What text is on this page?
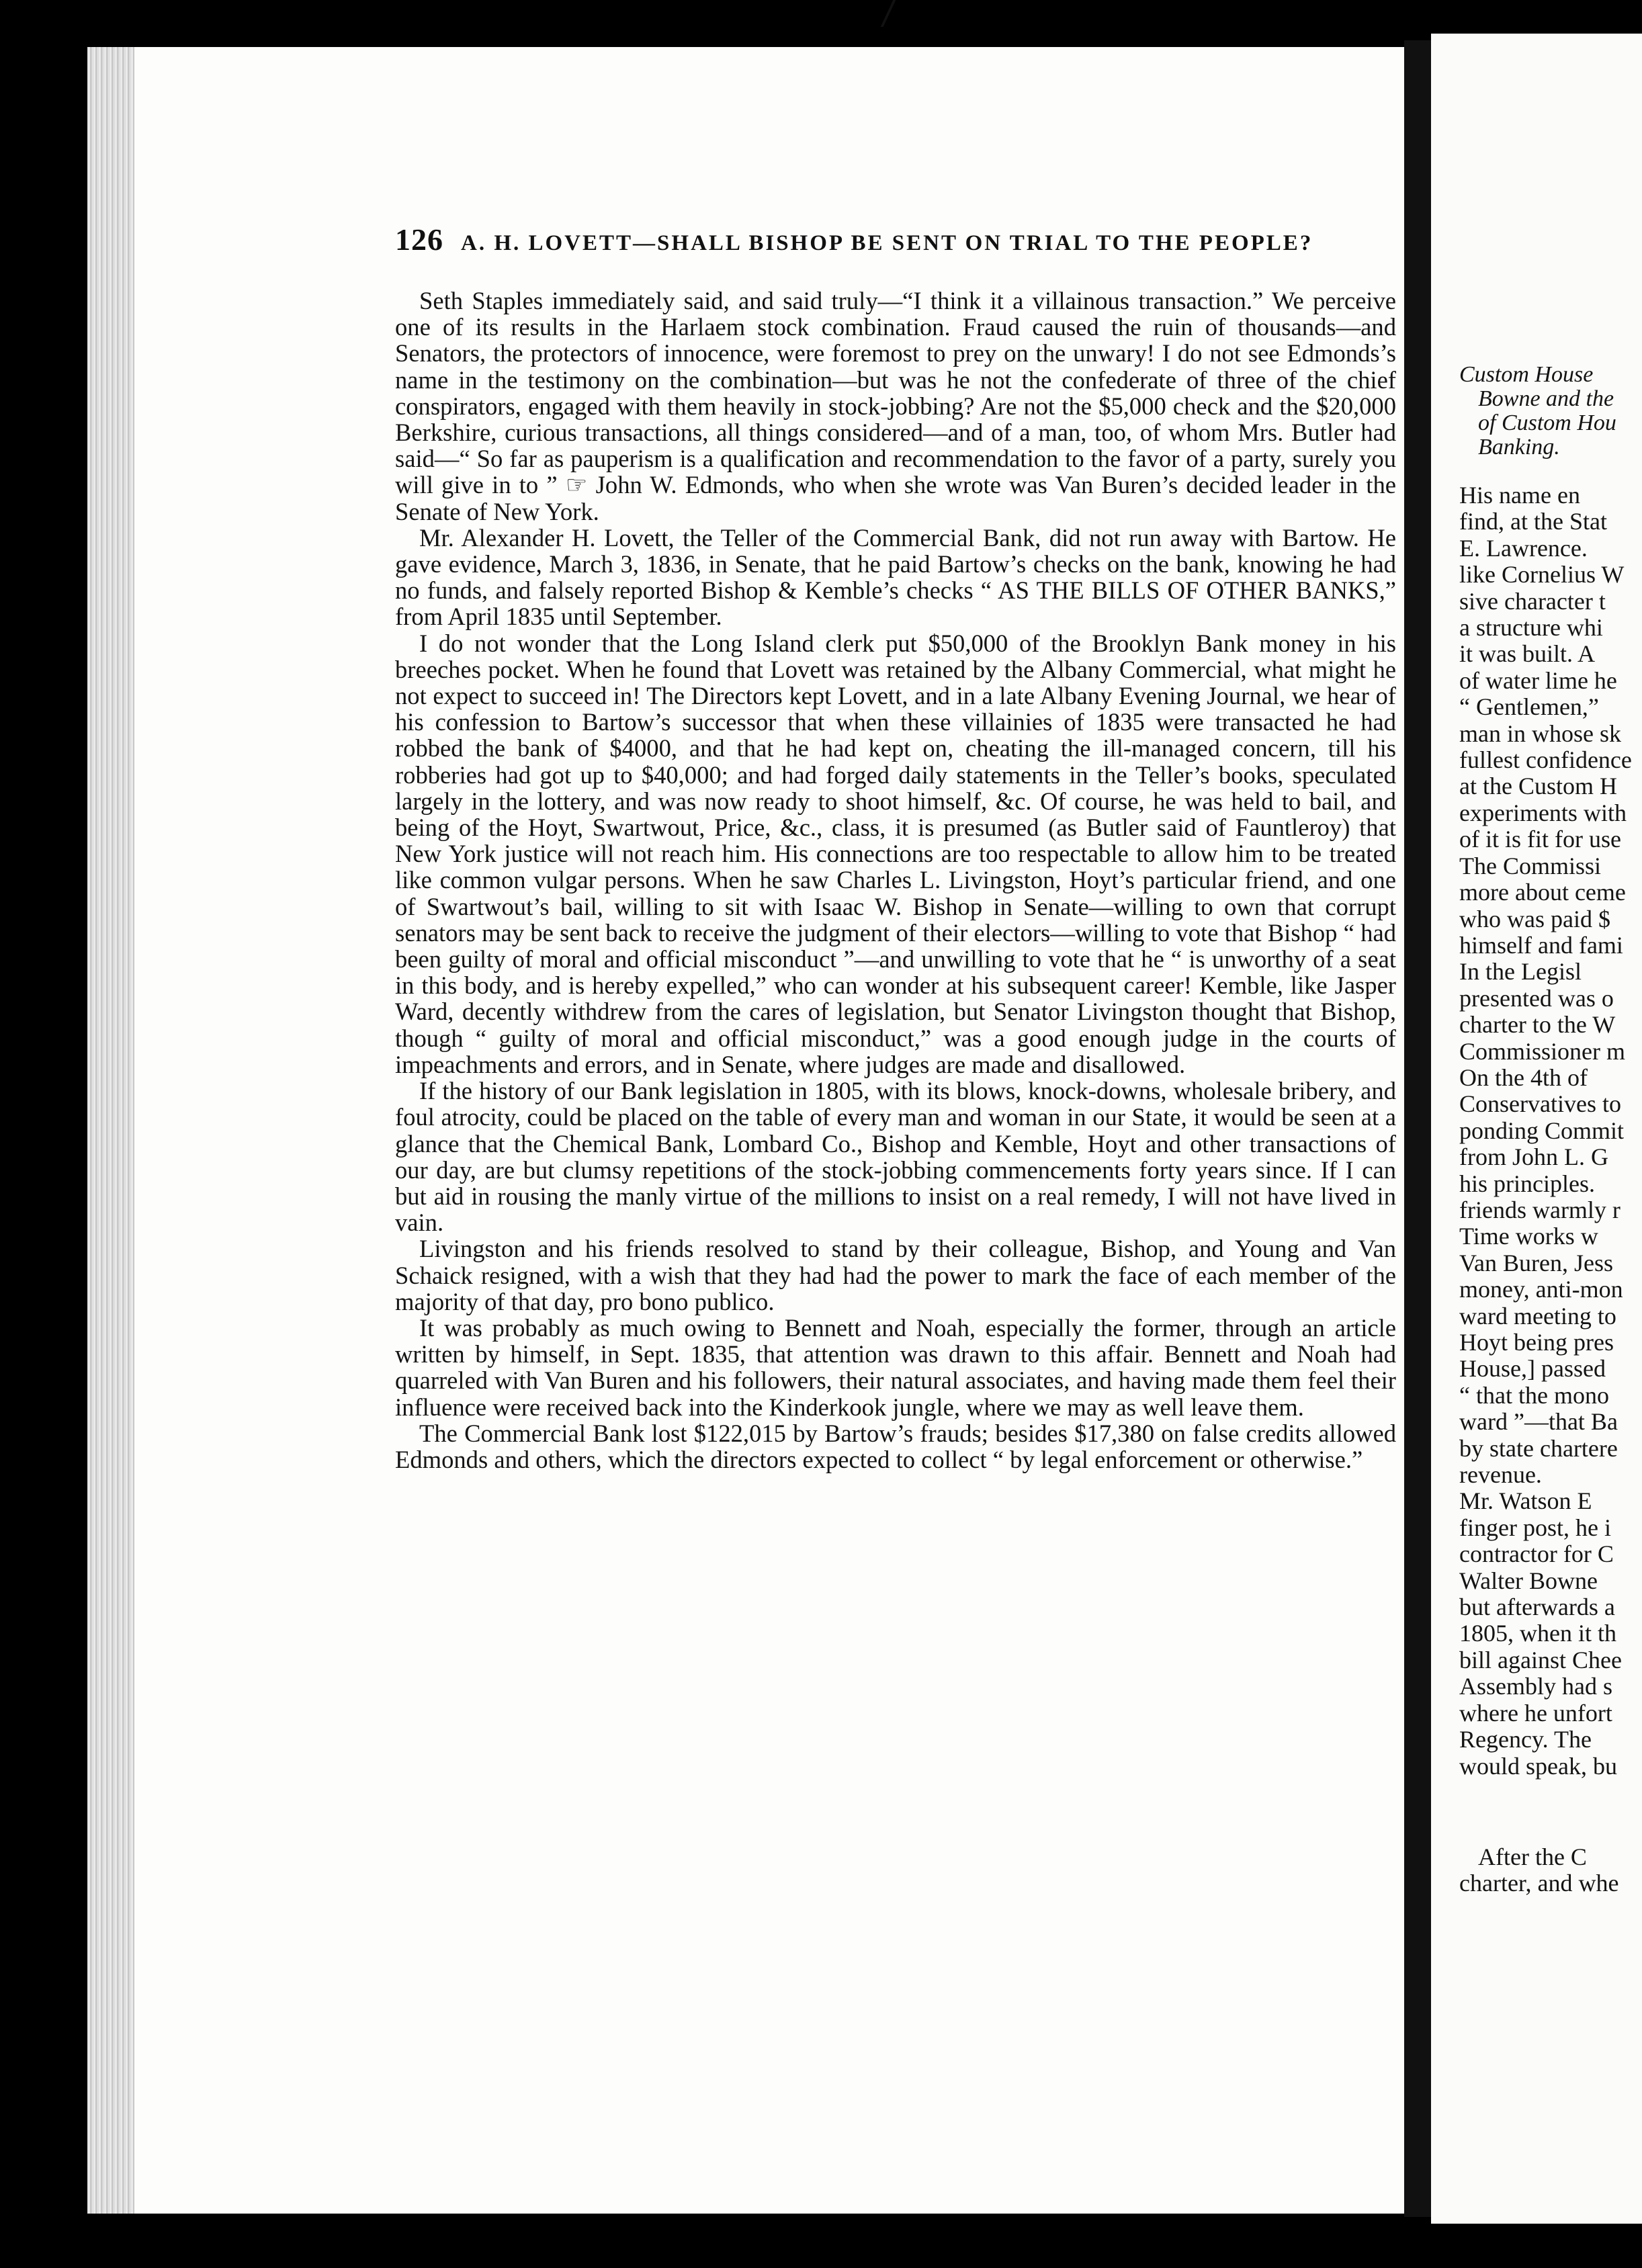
126 A. H. LOVETT—SHALL BISHOP BE SENT ON TRIAL TO THE PEOPLE?

Seth Staples immediately said, and said truly—“I think it a villainous transaction.” We perceive one of its results in the Harlaem stock combination. Fraud caused the ruin of thousands—and Senators, the protectors of innocence, were foremost to prey on the unwary! I do not see Edmonds’s name in the testimony on the combination—but was he not the confederate of three of the chief conspirators, engaged with them heavily in stock-jobbing? Are not the $5,000 check and the $20,000 Berkshire, curious transactions, all things considered—and of a man, too, of whom Mrs. Butler had said—“ So far as pauperism is a qualification and recommendation to the favor of a party, surely you will give in to ” ☞ John W. Edmonds, who when she wrote was Van Buren’s decided leader in the Senate of New York.

Mr. Alexander H. Lovett, the Teller of the Commercial Bank, did not run away with Bartow. He gave evidence, March 3, 1836, in Senate, that he paid Bartow’s checks on the bank, knowing he had no funds, and falsely reported Bishop & Kemble’s checks “ AS THE BILLS OF OTHER BANKS,” from April 1835 until September.

I do not wonder that the Long Island clerk put $50,000 of the Brooklyn Bank money in his breeches pocket. When he found that Lovett was retained by the Albany Commercial, what might he not expect to succeed in! The Directors kept Lovett, and in a late Albany Evening Journal, we hear of his confession to Bartow’s successor that when these villainies of 1835 were transacted he had robbed the bank of $4000, and that he had kept on, cheating the ill-managed concern, till his robberies had got up to $40,000; and had forged daily statements in the Teller’s books, speculated largely in the lottery, and was now ready to shoot himself, &c. Of course, he was held to bail, and being of the Hoyt, Swartwout, Price, &c., class, it is presumed (as Butler said of Fauntleroy) that New York justice will not reach him. His connections are too respectable to allow him to be treated like common vulgar persons. When he saw Charles L. Livingston, Hoyt’s particular friend, and one of Swartwout’s bail, willing to sit with Isaac W. Bishop in Senate—willing to own that corrupt senators may be sent back to receive the judgment of their electors—willing to vote that Bishop “ had been guilty of moral and official misconduct ”—and unwilling to vote that he “ is unworthy of a seat in this body, and is hereby expelled,” who can wonder at his subsequent career! Kemble, like Jasper Ward, decently withdrew from the cares of legislation, but Senator Livingston thought that Bishop, though “ guilty of moral and official misconduct,” was a good enough judge in the courts of impeachments and errors, and in Senate, where judges are made and disallowed.

If the history of our Bank legislation in 1805, with its blows, knock-downs, wholesale bribery, and foul atrocity, could be placed on the table of every man and woman in our State, it would be seen at a glance that the Chemical Bank, Lombard Co., Bishop and Kemble, Hoyt and other transactions of our day, are but clumsy repetitions of the stock-jobbing commencements forty years since. If I can but aid in rousing the manly virtue of the millions to insist on a real remedy, I will not have lived in vain.

Livingston and his friends resolved to stand by their colleague, Bishop, and Young and Van Schaick resigned, with a wish that they had had the power to mark the face of each member of the majority of that day, pro bono publico.

It was probably as much owing to Bennett and Noah, especially the former, through an article written by himself, in Sept. 1835, that attention was drawn to this affair. Bennett and Noah had quarreled with Van Buren and his followers, their natural associates, and having made them feel their influence were received back into the Kinderkook jungle, where we may as well leave them.

The Commercial Bank lost $122,015 by Bartow’s frauds; besides $17,380 on false credits allowed Edmonds and others, which the directors expected to collect “ by legal enforcement or otherwise.”

Custom House
Bowne and the
of Custom Hou
Banking.
His name en
find, at the Stat
E. Lawrence.
like Cornelius W
sive character t
a structure whi
it was built. A
of water lime he
“ Gentlemen,”
man in whose sk
fullest confidence
at the Custom H
experiments with
of it is fit for use
The Commissi
more about ceme
who was paid $
himself and fami
In the Legisl
presented was o
charter to the W
Commissioner m
On the 4th of
Conservatives to
ponding Commit
from John L. G
his principles.
friends warmly r
Time works w
Van Buren, Jess
money, anti-mon
ward meeting to
Hoyt being pres
House,] passed
“ that the mono
ward ”—that Ba
by state chartere
revenue.
Mr. Watson E
finger post, he i
contractor for C
Walter Bowne
but afterwards a
1805, when it th
bill against Chee
Assembly had s
where he unfort
Regency. The
would speak, bu
After the C
charter, and whe
